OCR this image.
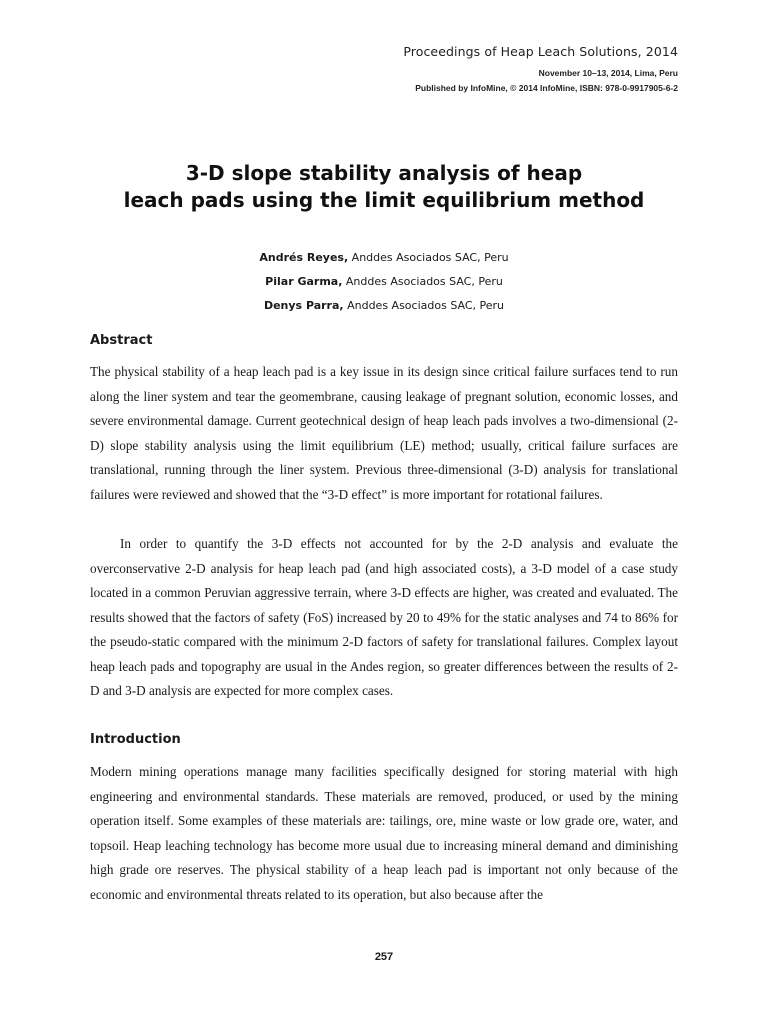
Proceedings of Heap Leach Solutions, 2014
November 10–13, 2014, Lima, Peru
Published by InfoMine, © 2014 InfoMine, ISBN: 978-0-9917905-6-2
3-D slope stability analysis of heap
leach pads using the limit equilibrium method
Andrés Reyes, Anddes Asociados SAC, Peru
Pilar Garma, Anddes Asociados SAC, Peru
Denys Parra, Anddes Asociados SAC, Peru
Abstract

The physical stability of a heap leach pad is a key issue in its design since critical failure surfaces tend to run along the liner system and tear the geomembrane, causing leakage of pregnant solution, economic losses, and severe environmental damage. Current geotechnical design of heap leach pads involves a two-dimensional (2-D) slope stability analysis using the limit equilibrium (LE) method; usually, critical failure surfaces are translational, running through the liner system. Previous three-dimensional (3-D) analysis for translational failures were reviewed and showed that the “3-D effect” is more important for rotational failures.

In order to quantify the 3-D effects not accounted for by the 2-D analysis and evaluate the overconservative 2-D analysis for heap leach pad (and high associated costs), a 3-D model of a case study located in a common Peruvian aggressive terrain, where 3-D effects are higher, was created and evaluated. The results showed that the factors of safety (FoS) increased by 20 to 49% for the static analyses and 74 to 86% for the pseudo-static compared with the minimum 2-D factors of safety for translational failures. Complex layout heap leach pads and topography are usual in the Andes region, so greater differences between the results of 2-D and 3-D analysis are expected for more complex cases.

Introduction

Modern mining operations manage many facilities specifically designed for storing material with high engineering and environmental standards. These materials are removed, produced, or used by the mining operation itself. Some examples of these materials are: tailings, ore, mine waste or low grade ore, water, and topsoil. Heap leaching technology has become more usual due to increasing mineral demand and diminishing high grade ore reserves. The physical stability of a heap leach pad is important not only because of the economic and environmental threats related to its operation, but also because after the

257
